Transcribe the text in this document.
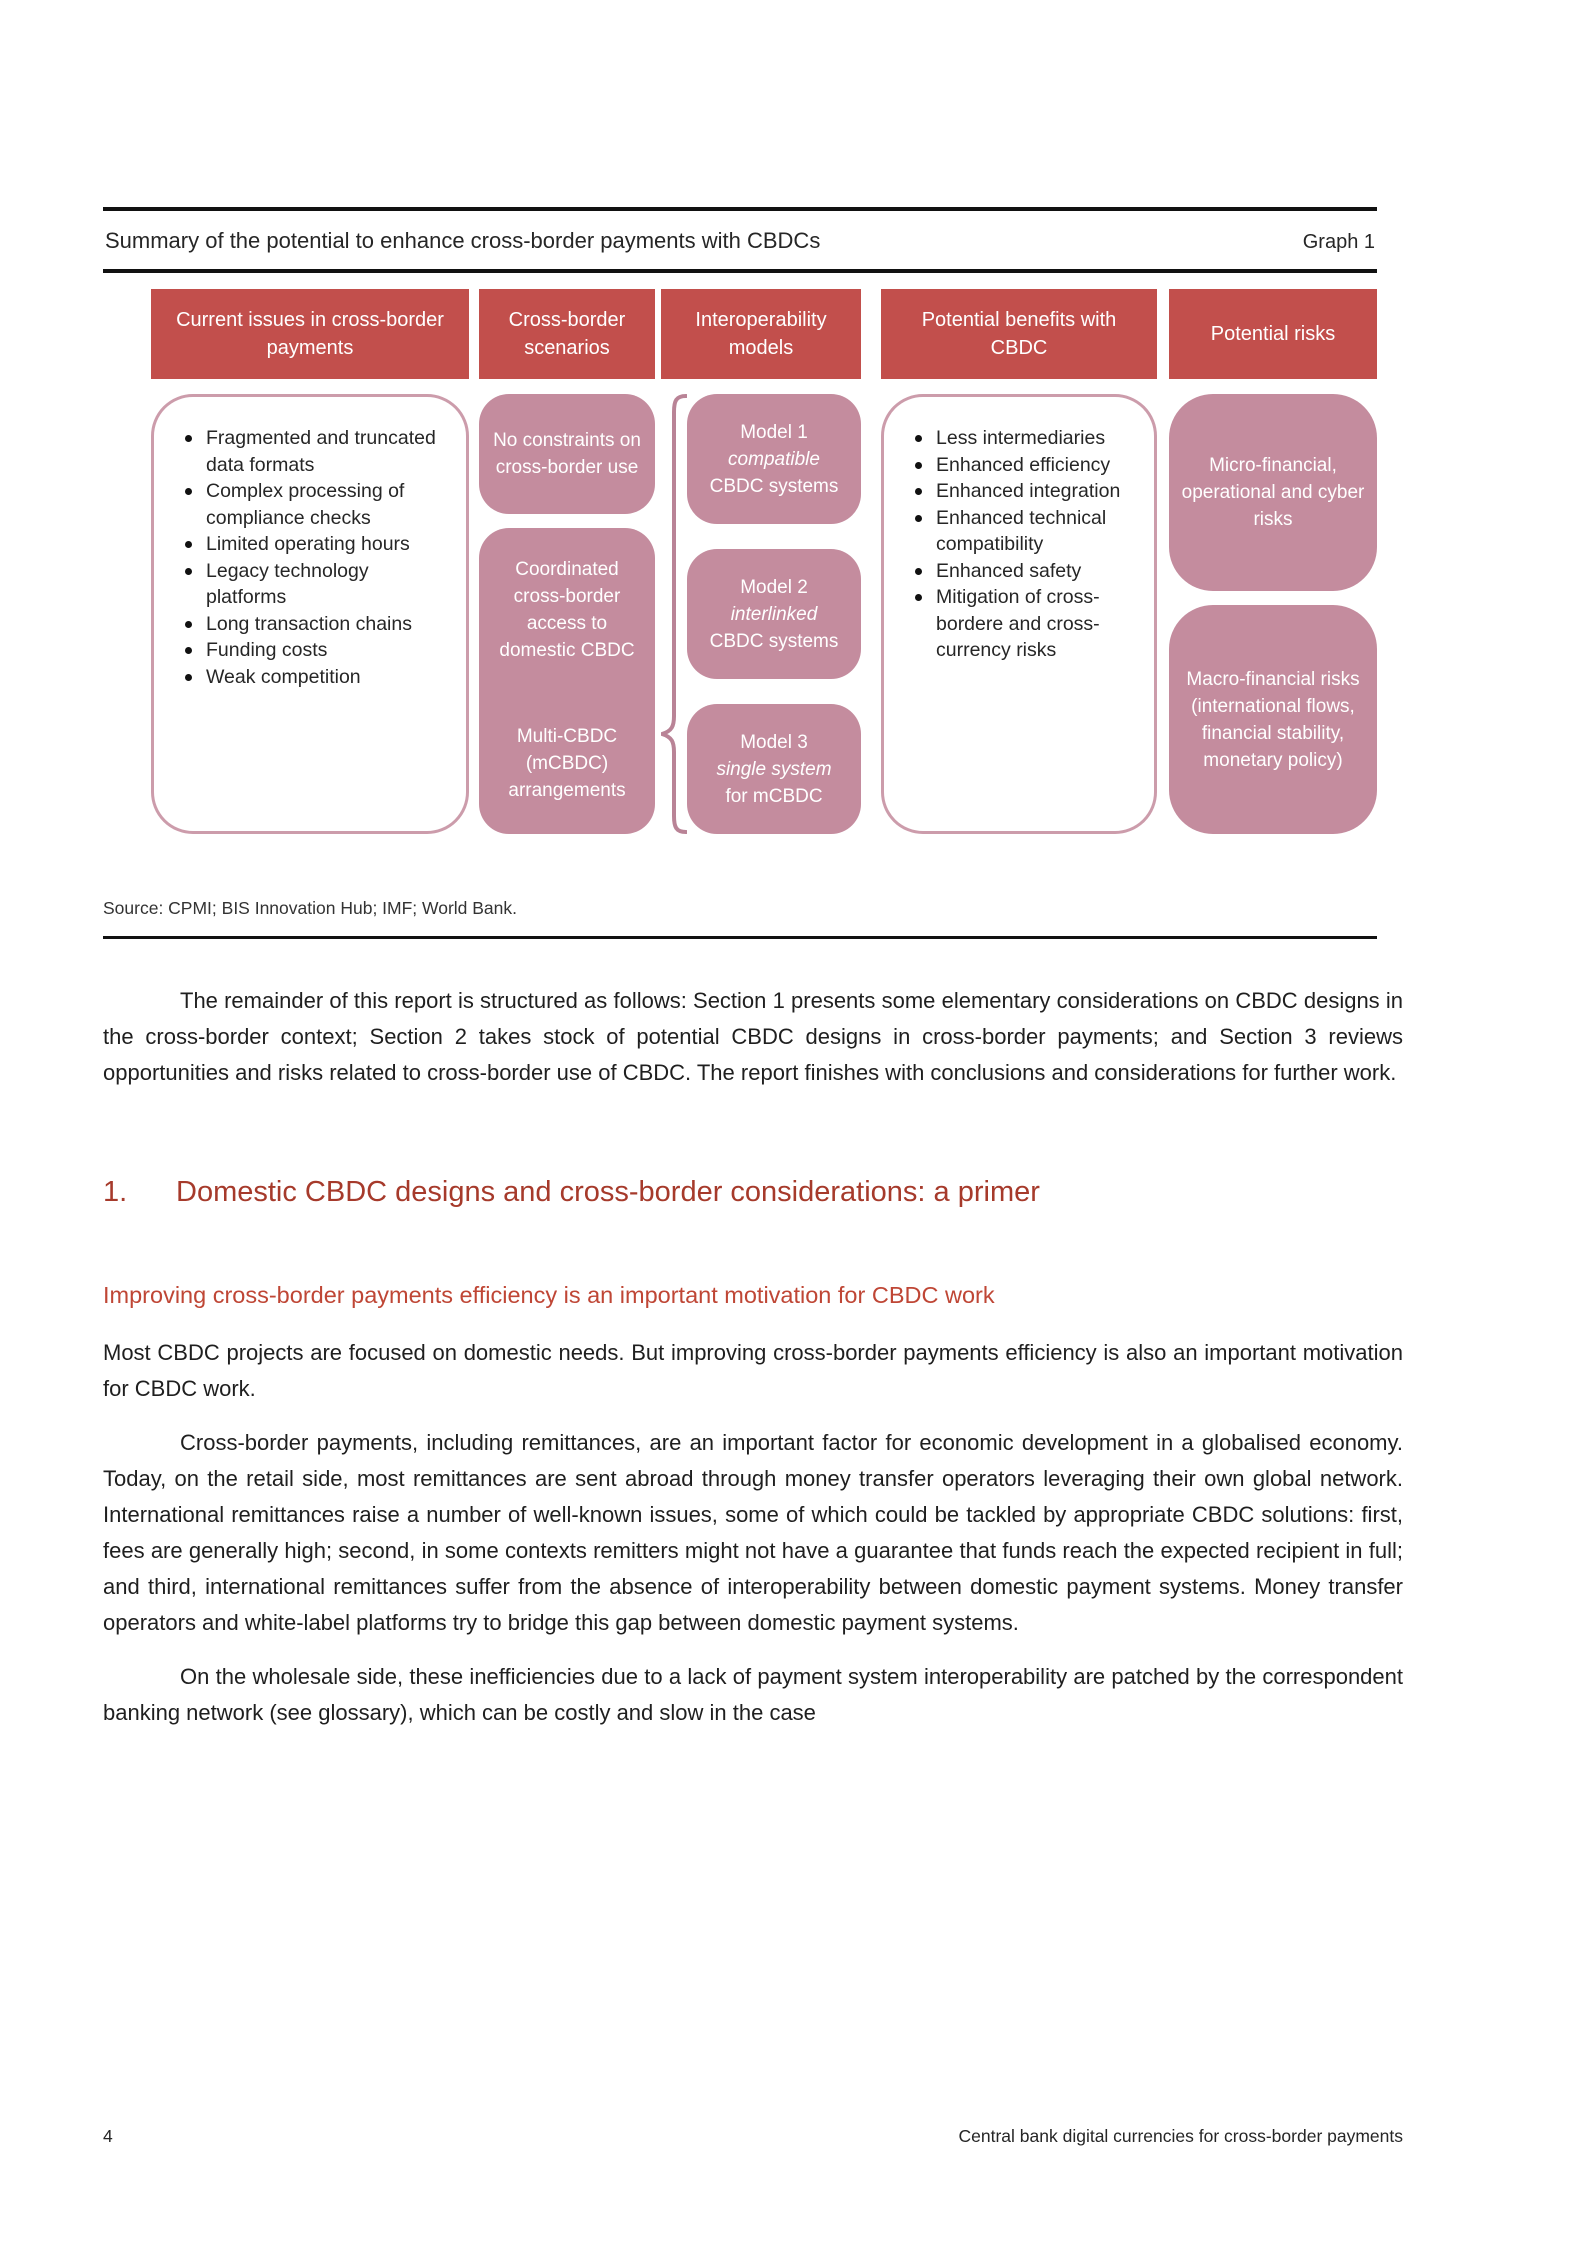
Summary of the potential to enhance cross-border payments with CBDCs	Graph 1
Current issues in cross-border payments
Fragmented and truncated data formats
Complex processing of compliance checks
Limited operating hours
Legacy technology platforms
Long transaction chains
Funding costs
Weak competition
Cross-border scenarios
No constraints on cross-border use
Coordinated cross-border access to domestic CBDC
Multi-CBDC (mCBDC) arrangements
Interoperability models
Model 1
compatible
CBDC systems
Model 2
interlinked
CBDC systems
Model 3
single system
for mCBDC
Potential benefits with CBDC
Less intermediaries
Enhanced efficiency
Enhanced integration
Enhanced technical compatibility
Enhanced safety
Mitigation of cross-bordere and cross-currency risks
Potential risks
Micro-financial, operational and cyber risks
Macro-financial risks (international flows, financial stability, monetary policy)
Source: CPMI; BIS Innovation Hub; IMF; World Bank.

The remainder of this report is structured as follows: Section 1 presents some elementary considerations on CBDC designs in the cross-border context; Section 2 takes stock of potential CBDC designs in cross-border payments; and Section 3 reviews opportunities and risks related to cross-border use of CBDC. The report finishes with conclusions and considerations for further work.

1.	Domestic CBDC designs and cross-border considerations: a primer
Improving cross-border payments efficiency is an important motivation for CBDC work

Most CBDC projects are focused on domestic needs. But improving cross-border payments efficiency is also an important motivation for CBDC work.

Cross-border payments, including remittances, are an important factor for economic development in a globalised economy. Today, on the retail side, most remittances are sent abroad through money transfer operators leveraging their own global network. International remittances raise a number of well-known issues, some of which could be tackled by appropriate CBDC solutions: first, fees are generally high; second, in some contexts remitters might not have a guarantee that funds reach the expected recipient in full; and third, international remittances suffer from the absence of interoperability between domestic payment systems. Money transfer operators and white-label platforms try to bridge this gap between domestic payment systems.

On the wholesale side, these inefficiencies due to a lack of payment system interoperability are patched by the correspondent banking network (see glossary), which can be costly and slow in the case

4	Central bank digital currencies for cross-border payments
